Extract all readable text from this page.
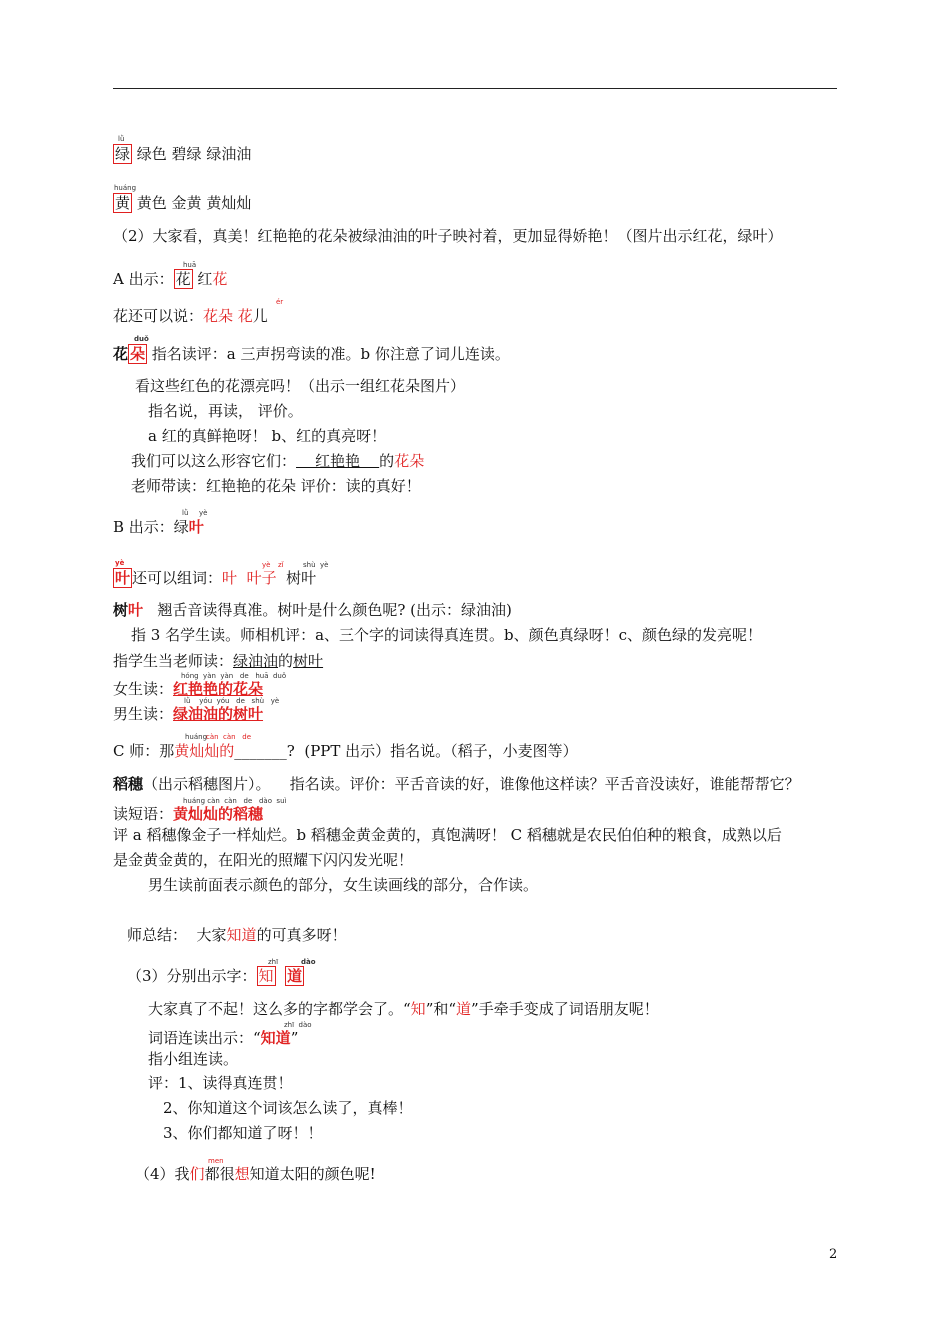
lǜ
绿 绿色 碧绿 绿油油
huáng
黄 黄色 金黄 黄灿灿
（2）大家看，真美！红艳艳的花朵被绿油油的叶子映衬着，更加显得娇艳！（图片出示红花，绿叶）
huā
A 出示： 花 红花
ér
花还可以说：花朵 花儿
duǒ
花 朵 指名读评：a 三声拐弯读的准。b 你注意了词儿连读。
看这些红色的花漂亮吗！（出示一组红花朵图片）
指名说，再读， 评价。
a 红的真鲜艳呀！ b、红的真亮呀！
我们可以这么形容它们：    红艳艳    的花朵
老师带读：红艳艳的花朵 评价：读的真好！
lǜ yè
B 出示：绿叶
yè	yè zǐ	shù yè
叶 还可以组词：叶  叶子  树叶
树叶   翘舌音读得真准。树叶是什么颜色呢? (出示：绿油油)
指 3 名学生读。师相机评：a、三个字的词读得真连贯。b、颜色真绿呀！c、颜色绿的发亮呢！
指学生当老师读：绿油油的树叶
hóng  yàn  yàn   de   huā  duǒ
女生读：红艳艳的花朵
lǜ    yóu  yóu   de   shù   yè
男生读：绿油油的树叶
huáng
càn  càn   de
C 师：那黄灿灿的_______?  (PPT 出示）指名说。（稻子，小麦图等）
稻穗（出示稻穗图片）。    指名读。评价：平舌音读的好，谁像他这样读？平舌音没读好，谁能帮帮它？
huáng càn  càn   de   dào  suì
读短语：黄灿灿的稻穗
评 a 稻穗像金子一样灿烂。b 稻穗金黄金黄的，真饱满呀！ C 稻穗就是农民伯伯种的粮食，成熟以后
是金黄金黄的，在阳光的照耀下闪闪发光呢！
男生读前面表示颜色的部分，女生读画线的部分，合作读。
师总结：  大家知道的可真多呀！
zhī	dào
（3）分别出示字： 知 道
大家真了不起！这么多的字都学会了。“知”和“道”手牵手变成了词语朋友呢！
zhī  dào
词语连读出示：“知道”
指小组连读。
评：1、读得真连贯！
2、你知道这个词该怎么读了，真棒！
3、你们都知道了呀！！
men
（4）我们都很想知道太阳的颜色呢!
2
